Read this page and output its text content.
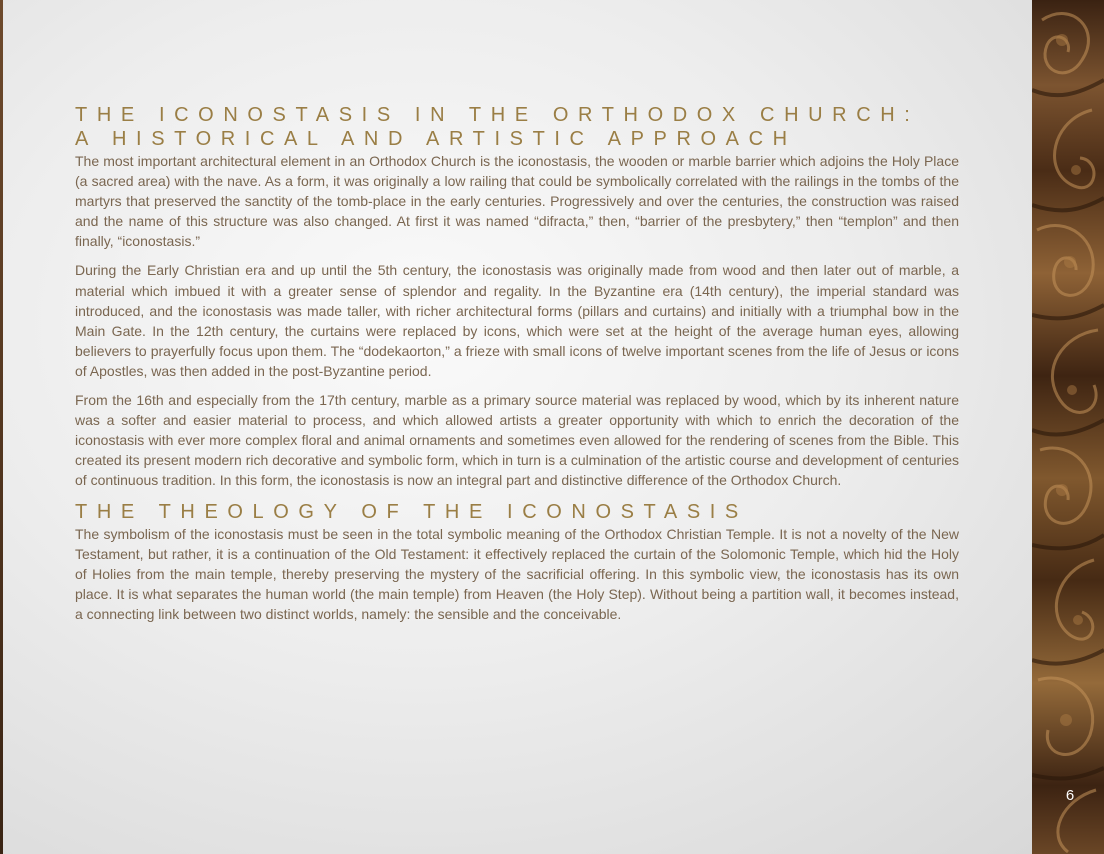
THE ICONOSTASIS IN THE ORTHODOX CHURCH:
A HISTORICAL AND ARTISTIC APPROACH

The most important architectural element in an Orthodox Church is the iconostasis, the wooden or marble barrier which adjoins the Holy Place (a sacred area) with the nave. As a form, it was originally a low railing that could be symbolically correlated with the railings in the tombs of the martyrs that preserved the sanctity of the tomb-place in the early centuries. Progressively and over the centuries, the construction was raised and the name of this structure was also changed. At first it was named “difracta,” then, “barrier of the presbytery,” then “templon” and then finally, “iconostasis.”

During the Early Christian era and up until the 5th century, the iconostasis was originally made from wood and then later out of marble, a material which imbued it with a greater sense of splendor and regality. In the Byzantine era (14th century), the imperial standard was introduced, and the iconostasis was made taller, with richer architectural forms (pillars and curtains) and initially with a triumphal bow in the Main Gate. In the 12th century, the curtains were replaced by icons, which were set at the height of the average human eyes, allowing believers to prayerfully focus upon them. The “dodekaorton,” a frieze with small icons of twelve important scenes from the life of Jesus or icons of Apostles, was then added in the post-Byzantine period.

From the 16th and especially from the 17th century, marble as a primary source material was replaced by wood, which by its inherent nature was a softer and easier material to process, and which allowed artists a greater opportunity with which to enrich the decoration of the iconostasis with ever more complex floral and animal ornaments and sometimes even allowed for the rendering of scenes from the Bible. This created its present modern rich decorative and symbolic form, which in turn is a culmination of the artistic course and development of centuries of continuous tradition. In this form, the iconostasis is now an integral part and distinctive difference of the Orthodox Church.

THE THEOLOGY OF THE ICONOSTASIS

The symbolism of the iconostasis must be seen in the total symbolic meaning of the Orthodox Christian Temple. It is not a novelty of the New Testament, but rather, it is a continuation of the Old Testament: it effectively replaced the curtain of the Solomonic Temple, which hid the Holy of Holies from the main temple, thereby preserving the mystery of the sacrificial offering. In this symbolic view, the iconostasis has its own place. It is what separates the human world (the main temple) from Heaven (the Holy Step). Without being a partition wall, it becomes instead, a connecting link between two distinct worlds, namely: the sensible and the conceivable.

6
